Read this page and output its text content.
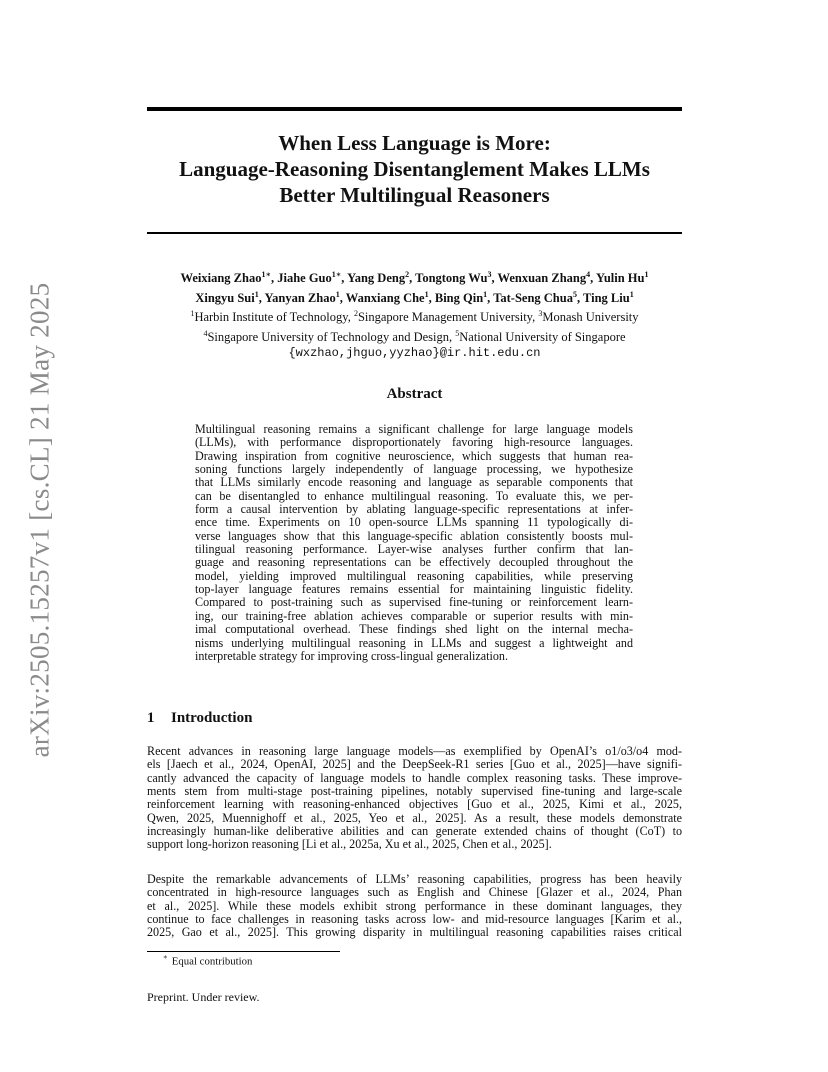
arXiv:2505.15257v1 [cs.CL] 21 May 2025
When Less Language is More:
Language-Reasoning Disentanglement Makes LLMs
Better Multilingual Reasoners
Weixiang Zhao$^{1∗}$, Jiahe Guo$^{1∗}$, Yang Deng$^2$, Tongtong Wu$^3$, Wenxuan Zhang$^4$, Yulin Hu$^1$
Xingyu Sui$^1$, Yanyan Zhao$^1$, Wanxiang Che$^1$, Bing Qin$^1$, Tat-Seng Chua$^5$, Ting Liu$^1$
$^1$Harbin Institute of Technology, $^2$Singapore Management University, $^3$Monash University
$^4$Singapore University of Technology and Design, $^5$National University of Singapore
{wxzhao,jhguo,yyzhao}@ir.hit.edu.cn
Abstract
Multilingual reasoning remains a significant challenge for large language models
(LLMs), with performance disproportionately favoring high-resource languages.
Drawing inspiration from cognitive neuroscience, which suggests that human rea-
soning functions largely independently of language processing, we hypothesize
that LLMs similarly encode reasoning and language as separable components that
can be disentangled to enhance multilingual reasoning. To evaluate this, we per-
form a causal intervention by ablating language-specific representations at infer-
ence time. Experiments on 10 open-source LLMs spanning 11 typologically di-
verse languages show that this language-specific ablation consistently boosts mul-
tilingual reasoning performance. Layer-wise analyses further confirm that lan-
guage and reasoning representations can be effectively decoupled throughout the
model, yielding improved multilingual reasoning capabilities, while preserving
top-layer language features remains essential for maintaining linguistic fidelity.
Compared to post-training such as supervised fine-tuning or reinforcement learn-
ing, our training-free ablation achieves comparable or superior results with min-
imal computational overhead. These findings shed light on the internal mecha-
nisms underlying multilingual reasoning in LLMs and suggest a lightweight and
interpretable strategy for improving cross-lingual generalization.
1 Introduction
Recent advances in reasoning large language models—as exemplified by OpenAI’s o1/o3/o4 mod-
els [Jaech et al., 2024, OpenAI, 2025] and the DeepSeek-R1 series [Guo et al., 2025]—have signifi-
cantly advanced the capacity of language models to handle complex reasoning tasks. These improve-
ments stem from multi-stage post-training pipelines, notably supervised fine-tuning and large-scale
reinforcement learning with reasoning-enhanced objectives [Guo et al., 2025, Kimi et al., 2025,
Qwen, 2025, Muennighoff et al., 2025, Yeo et al., 2025]. As a result, these models demonstrate
increasingly human-like deliberative abilities and can generate extended chains of thought (CoT) to
support long-horizon reasoning [Li et al., 2025a, Xu et al., 2025, Chen et al., 2025].
Despite the remarkable advancements of LLMs’ reasoning capabilities, progress has been heavily
concentrated in high-resource languages such as English and Chinese [Glazer et al., 2024, Phan
et al., 2025]. While these models exhibit strong performance in these dominant languages, they
continue to face challenges in reasoning tasks across low- and mid-resource languages [Karim et al.,
2025, Gao et al., 2025]. This growing disparity in multilingual reasoning capabilities raises critical
∗ Equal contribution
Preprint. Under review.
